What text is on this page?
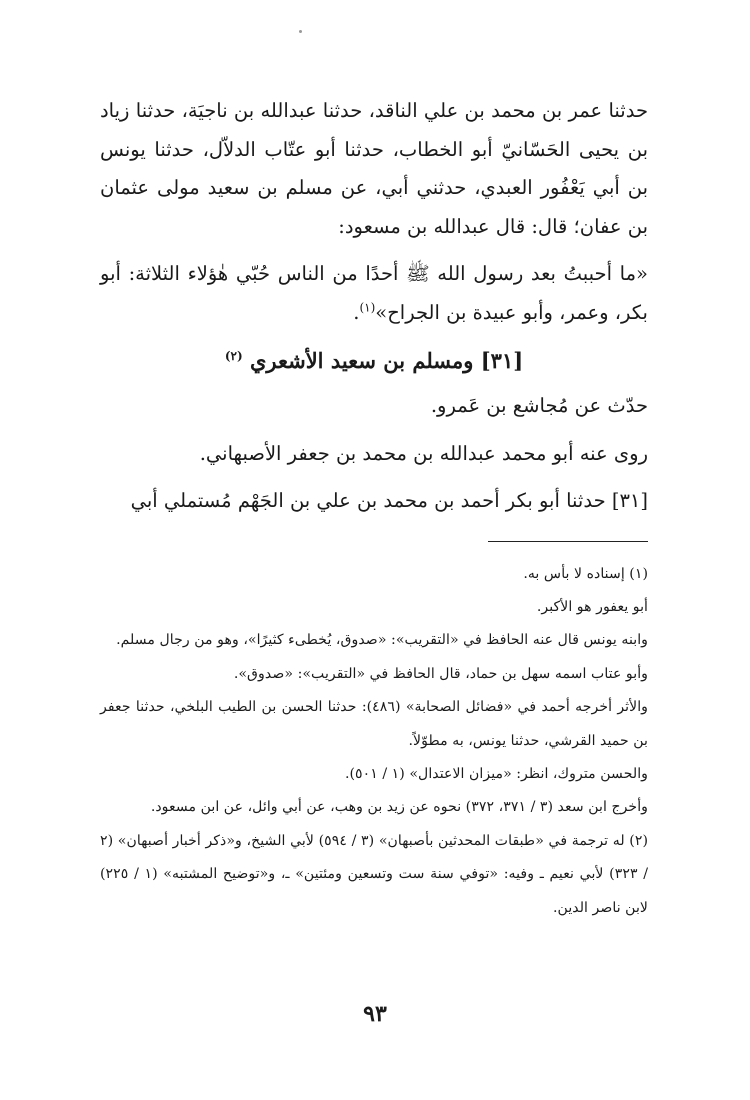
حدثنا عمر بن محمد بن علي الناقد، حدثنا عبدالله بن ناجيَة، حدثنا زياد بن يحيى الحَسّانيّ أبو الخطاب، حدثنا أبو عتّاب الدلاّل، حدثنا يونس بن أبي يَعْفُور العبدي، حدثني أبي، عن مسلم بن سعيد مولى عثمان بن عفان؛ قال: قال عبدالله بن مسعود:

«ما أحببتُ بعد رسول الله ﷺ أحدًا من الناس حُبّي هٰؤلاء الثلاثة: أبو بكر، وعمر، وأبو عبيدة بن الجراح»$^{(١)}$.

[٣١] ومسلم بن سعيد الأشعري $^{(٢)}$

حدّث عن مُجاشع بن عَمرو.

روى عنه أبو محمد عبدالله بن محمد بن جعفر الأصبهاني.

[٣١] حدثنا أبو بكر أحمد بن محمد بن علي بن الجَهْم مُستملي أبي

(١) إسناده لا بأس به.

أبو يعفور هو الأكبر.

وابنه يونس قال عنه الحافظ في «التقريب»: «صدوق، يُخطىء كثيرًا»، وهو من رجال مسلم.

وأبو عتاب اسمه سهل بن حماد، قال الحافظ في «التقريب»: «صدوق».

والأثر أخرجه أحمد في «فضائل الصحابة» (٤٨٦): حدثنا الحسن بن الطيب البلخي، حدثنا جعفر بن حميد القرشي، حدثنا يونس، به مطوّلاً.

والحسن متروك، انظر: «ميزان الاعتدال» (١ / ٥٠١).

وأخرج ابن سعد (٣ / ٣٧١، ٣٧٢) نحوه عن زيد بن وهب، عن أبي وائل، عن ابن مسعود.

(٢) له ترجمة في «طبقات المحدثين بأصبهان» (٣ / ٥٩٤) لأبي الشيخ، و«ذكر أخبار أصبهان» (٢ / ٣٢٣) لأبي نعيم ـ وفيه: «توفي سنة ست وتسعين ومئتين» ـ، و«توضيح المشتبه» (١ / ٢٢٥) لابن ناصر الدين.

٩٣
